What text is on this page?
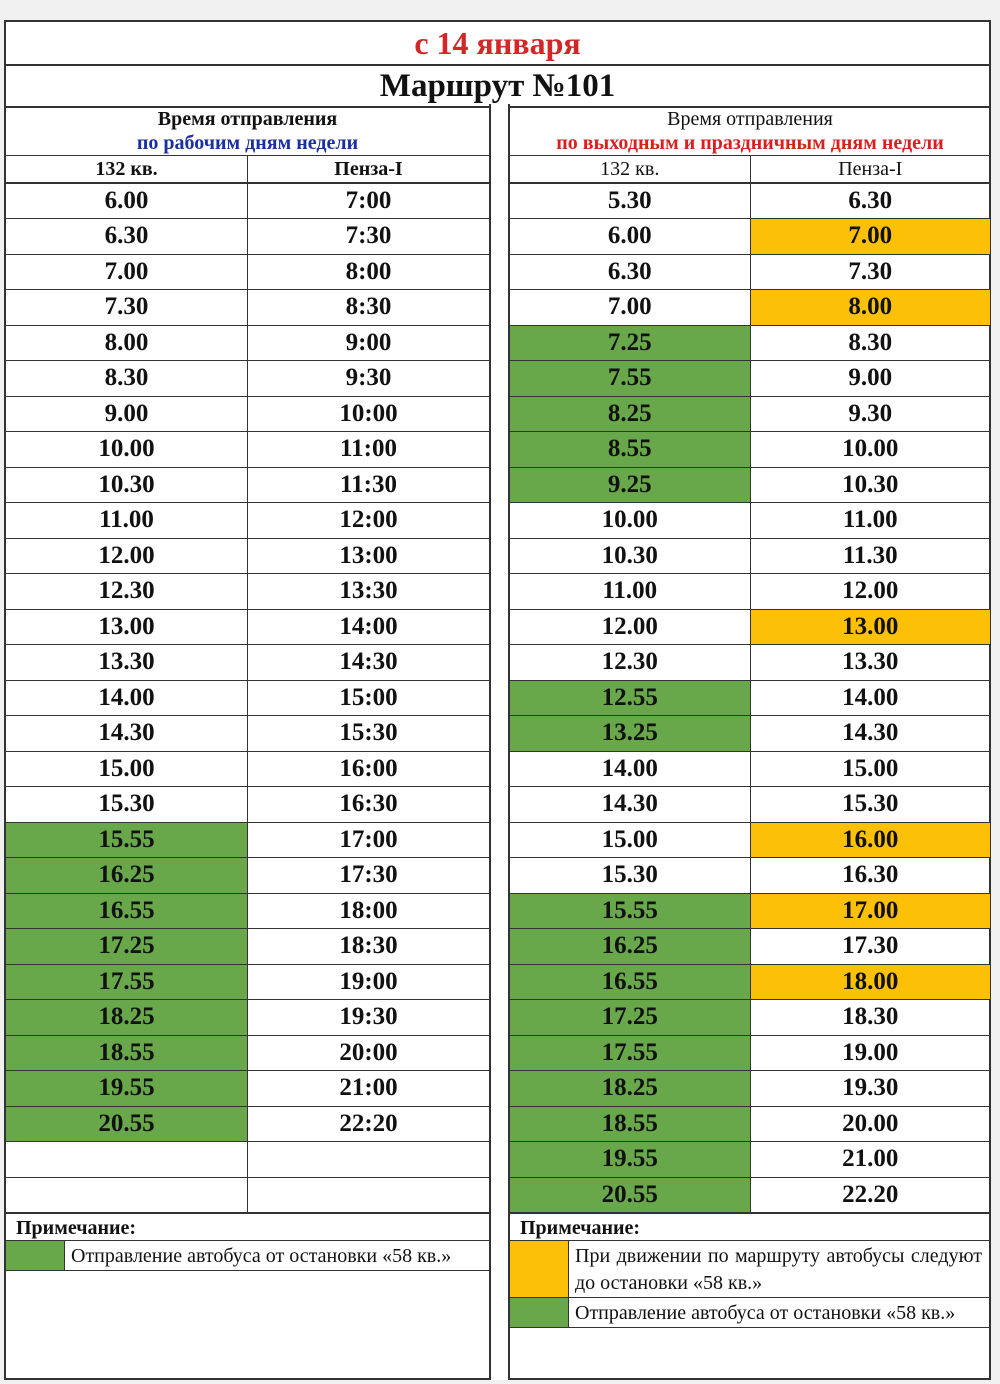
с 14 января
Маршрут №101
Время отправления
по рабочим дням недели
132 кв.	Пенза-I
6.00	7:00
6.30	7:30
7.00	8:00
7.30	8:30
8.00	9:00
8.30	9:30
9.00	10:00
10.00	11:00
10.30	11:30
11.00	12:00
12.00	13:00
12.30	13:30
13.00	14:00
13.30	14:30
14.00	15:00
14.30	15:30
15.00	16:00
15.30	16:30
15.55	17:00
16.25	17:30
16.55	18:00
17.25	18:30
17.55	19:00
18.25	19:30
18.55	20:00
19.55	21:00
20.55	22:20

Примечание:
Отправление автобуса от остановки «58 кв.»
Время отправления
по выходным и праздничным дням недели
132 кв.	Пенза-I
5.30	6.30
6.00	7.00
6.30	7.30
7.00	8.00
7.25	8.30
7.55	9.00
8.25	9.30
8.55	10.00
9.25	10.30
10.00	11.00
10.30	11.30
11.00	12.00
12.00	13.00
12.30	13.30
12.55	14.00
13.25	14.30
14.00	15.00
14.30	15.30
15.00	16.00
15.30	16.30
15.55	17.00
16.25	17.30
16.55	18.00
17.25	18.30
17.55	19.00
18.25	19.30
18.55	20.00
19.55	21.00
20.55	22.20
Примечание:
При движении по маршруту автобусы следуют до остановки «58 кв.»
Отправление автобуса от остановки «58 кв.»
